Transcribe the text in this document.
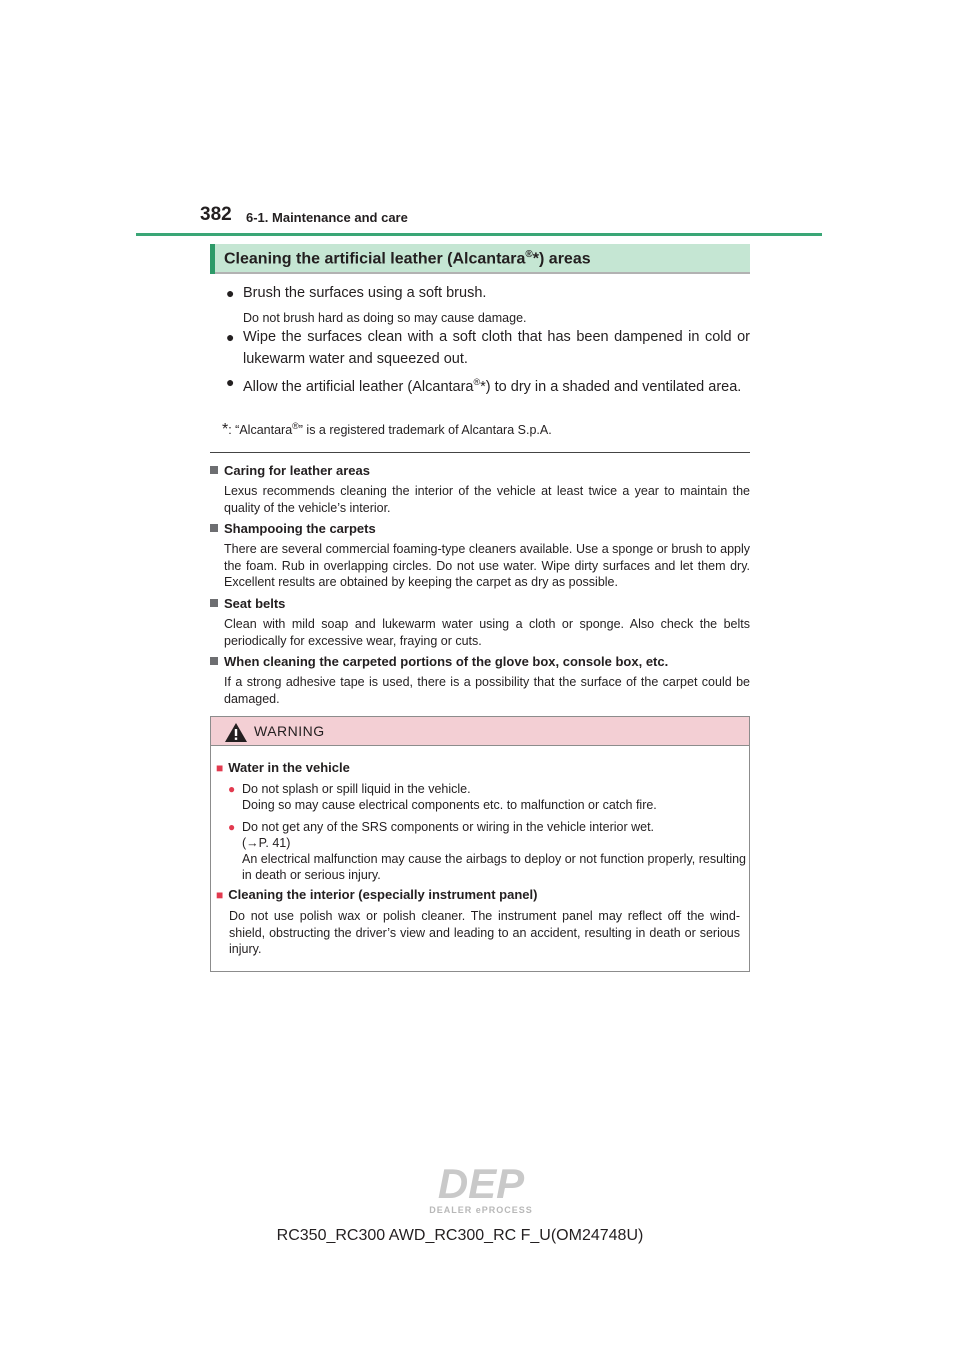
382 6-1. Maintenance and care
Cleaning the artificial leather (Alcantara®*) areas
● Brush the surfaces using a soft brush.
Do not brush hard as doing so may cause damage.
● Wipe the surfaces clean with a soft cloth that has been dampened in cold or lukewarm water and squeezed out.
● Allow the artificial leather (Alcantara®*) to dry in a shaded and ventilated area.
*: “Alcantara®” is a registered trademark of Alcantara S.p.A.
Caring for leather areas
Lexus recommends cleaning the interior of the vehicle at least twice a year to maintain the quality of the vehicle’s interior.
Shampooing the carpets
There are several commercial foaming-type cleaners available. Use a sponge or brush to apply the foam. Rub in overlapping circles. Do not use water. Wipe dirty surfaces and let them dry. Excellent results are obtained by keeping the carpet as dry as possible.
Seat belts
Clean with mild soap and lukewarm water using a cloth or sponge. Also check the belts periodically for excessive wear, fraying or cuts.
When cleaning the carpeted portions of the glove box, console box, etc.
If a strong adhesive tape is used, there is a possibility that the surface of the carpet could be damaged.
WARNING
■ Water in the vehicle
● Do not splash or spill liquid in the vehicle.
Doing so may cause electrical components etc. to malfunction or catch fire.
● Do not get any of the SRS components or wiring in the vehicle interior wet.
(→P. 41)
An electrical malfunction may cause the airbags to deploy or not function properly, resulting in death or serious injury.
■ Cleaning the interior (especially instrument panel)
Do not use polish wax or polish cleaner. The instrument panel may reflect off the wind-shield, obstructing the driver’s view and leading to an accident, resulting in death or serious injury.
DEP
DEALER ePROCESS
RC350_RC300 AWD_RC300_RC F_U(OM24748U)
